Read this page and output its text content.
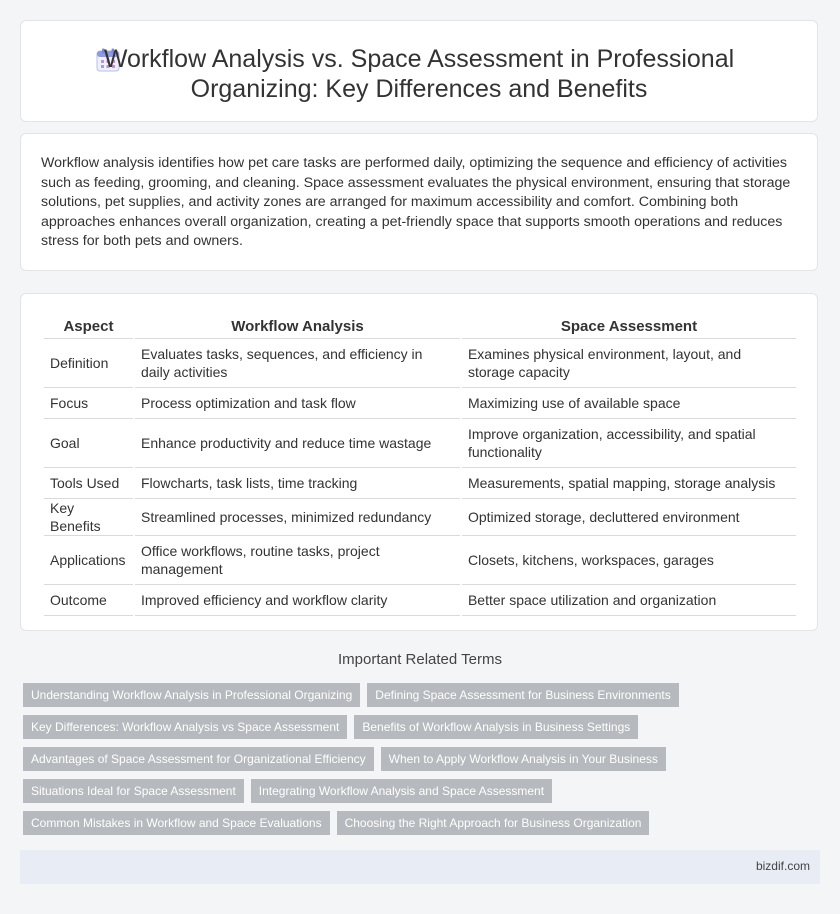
Workflow Analysis vs. Space Assessment in Professional
Organizing: Key Differences and Benefits
Workflow analysis identifies how pet care tasks are performed daily, optimizing the sequence and efficiency of activities such as feeding, grooming, and cleaning. Space assessment evaluates the physical environment, ensuring that storage solutions, pet supplies, and activity zones are arranged for maximum accessibility and comfort. Combining both approaches enhances overall organization, creating a pet-friendly space that supports smooth operations and reduces stress for both pets and owners.
Aspect	Workflow Analysis	Space Assessment
Definition	Evaluates tasks, sequences, and efficiency in daily activities	Examines physical environment, layout, and storage capacity
Focus	Process optimization and task flow	Maximizing use of available space
Goal	Enhance productivity and reduce time wastage	Improve organization, accessibility, and spatial functionality
Tools Used	Flowcharts, task lists, time tracking	Measurements, spatial mapping, storage analysis
Key Benefits	Streamlined processes, minimized redundancy	Optimized storage, decluttered environment
Applications	Office workflows, routine tasks, project management	Closets, kitchens, workspaces, garages
Outcome	Improved efficiency and workflow clarity	Better space utilization and organization
Important Related Terms
Understanding Workflow Analysis in Professional Organizing	Defining Space Assessment for Business Environments
Key Differences: Workflow Analysis vs Space Assessment	Benefits of Workflow Analysis in Business Settings
Advantages of Space Assessment for Organizational Efficiency	When to Apply Workflow Analysis in Your Business
Situations Ideal for Space Assessment	Integrating Workflow Analysis and Space Assessment
Common Mistakes in Workflow and Space Evaluations	Choosing the Right Approach for Business Organization
bizdif.com
